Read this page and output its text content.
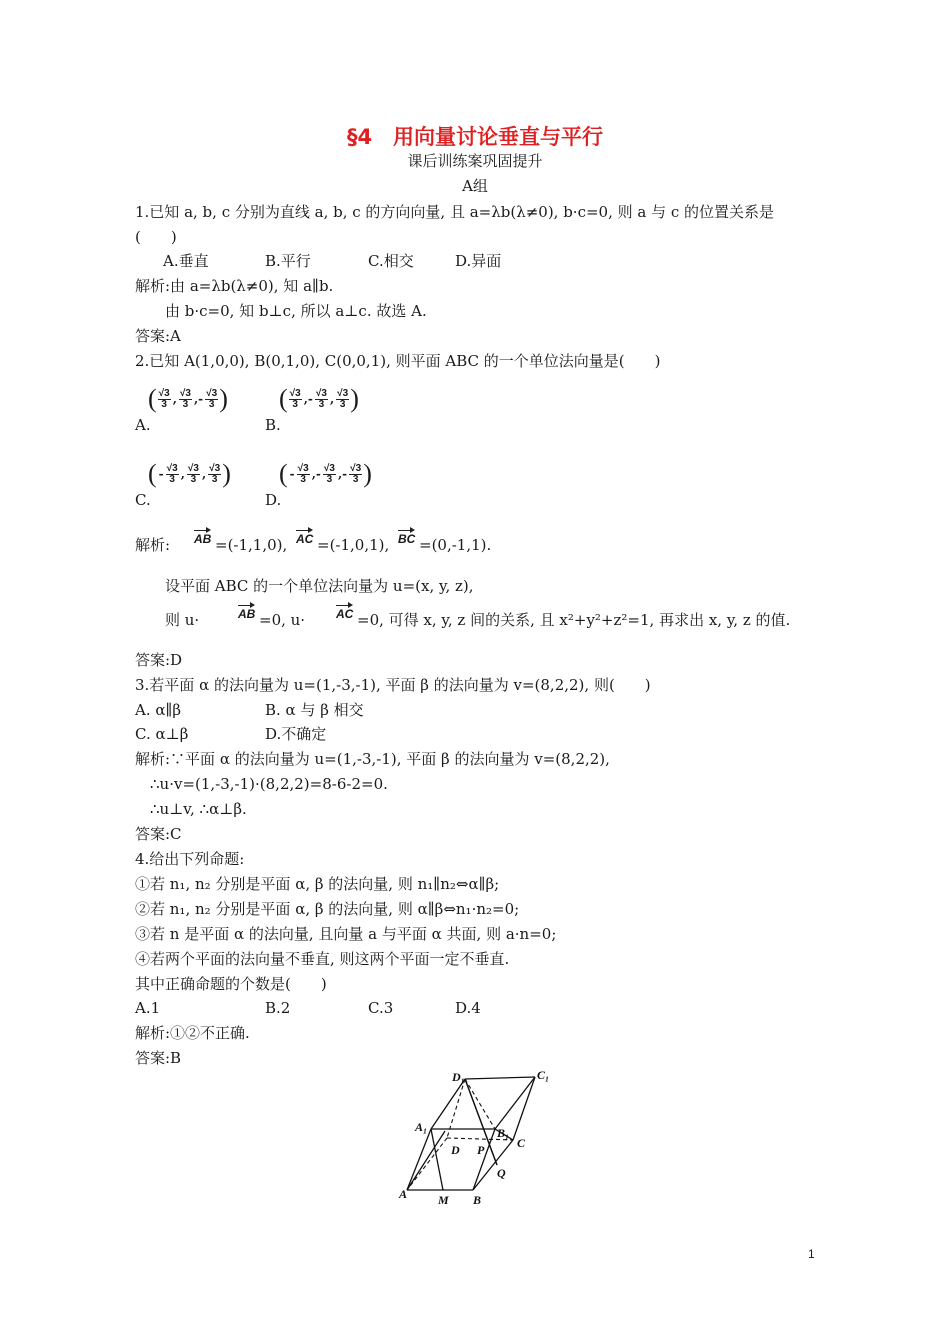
§4　用向量讨论垂直与平行
课后训练案巩固提升
A组
1.已知 a, b, c 分别为直线 a, b, c 的方向向量, 且 a=λb(λ≠0), b·c=0, 则 a 与 c 的位置关系是
(　　)
A.垂直	B.平行	C.相交	D.异面
解析:由 a=λb(λ≠0), 知 a∥b.
由 b·c=0, 知 b⊥c, 所以 a⊥c. 故选 A.
答案:A
2.已知 A(1,0,0), B(0,1,0), C(0,0,1), 则平面 ABC 的一个单位法向量是(　　)
( $\frac{√3}{3}$ , $\frac{√3}{3}$ ,- $\frac{√3}{3}$ )
A.
( $\frac{√3}{3}$ ,- $\frac{√3}{3}$ , $\frac{√3}{3}$ )
B.
( - $\frac{√3}{3}$ , $\frac{√3}{3}$ , $\frac{√3}{3}$ )
C.
( - $\frac{√3}{3}$ ,- $\frac{√3}{3}$ ,- $\frac{√3}{3}$ )
D.
解析: AB =(-1,1,0), AC =(-1,0,1), BC =(0,-1,1).
设平面 ABC 的一个单位法向量为 u=(x, y, z),
则 u·	AB =0, u·	AC =0, 可得 x, y, z 间的关系, 且 x²+y²+z²=1, 再求出 x, y, z 的值.
答案:D
3.若平面 α 的法向量为 u=(1,-3,-1), 平面 β 的法向量为 v=(8,2,2), 则(　　)
A. α∥β	B. α 与 β 相交
C. α⊥β	D.不确定
解析:∵平面 α 的法向量为 u=(1,-3,-1), 平面 β 的法向量为 v=(8,2,2),
∴u·v=(1,-3,-1)·(8,2,2)=8-6-2=0.
∴u⊥v, ∴α⊥β.
答案:C
4.给出下列命题:
①若 n₁, n₂ 分别是平面 α, β 的法向量, 则 n₁∥n₂⇔α∥β;
②若 n₁, n₂ 分别是平面 α, β 的法向量, 则 α∥β⇔n₁·n₂=0;
③若 n 是平面 α 的法向量, 且向量 a 与平面 α 共面, 则 a·n=0;
④若两个平面的法向量不垂直, 则这两个平面一定不垂直.
其中正确命题的个数是(　　)
A.1	B.2	C.3	D.4
解析:①②不正确.
答案:B
D₁	C₁
A₁	B₁
C
D P
Q
A	M B
1
